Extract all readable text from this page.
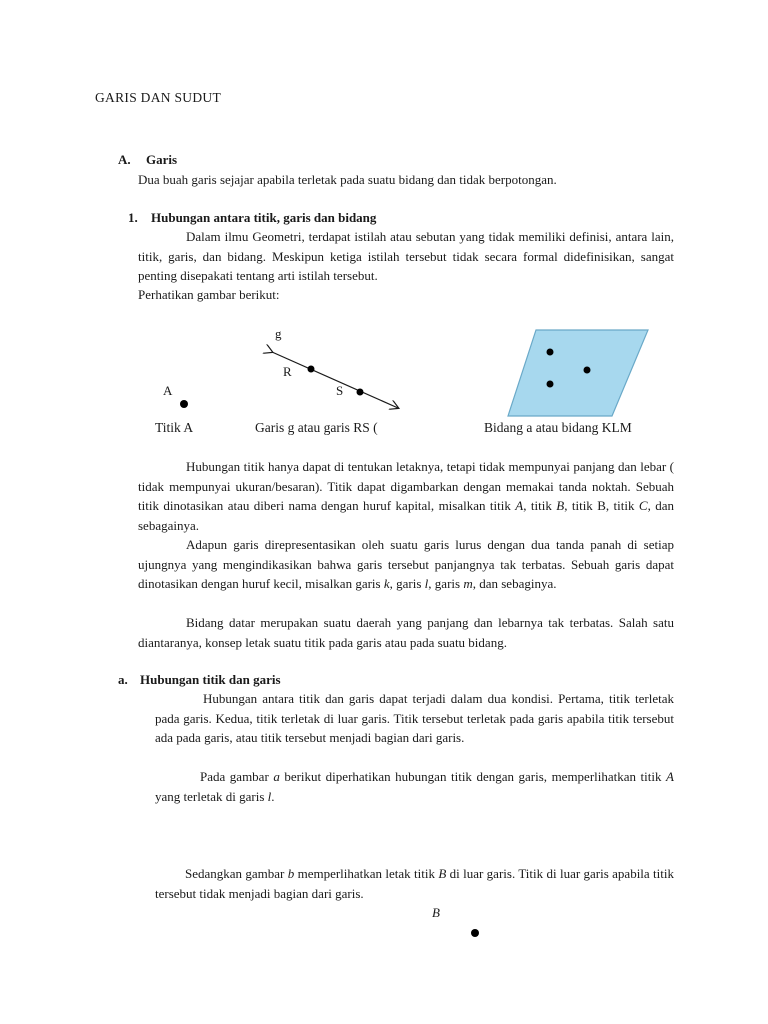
GARIS DAN SUDUT
A. Garis
Dua buah garis sejajar apabila terletak pada suatu bidang dan tidak berpotongan.
1. Hubungan antara titik, garis dan bidang

Dalam ilmu Geometri, terdapat istilah atau sebutan yang tidak memiliki definisi, antara lain, titik, garis, dan bidang. Meskipun ketiga istilah tersebut tidak secara formal didefinisikan, sangat penting disepakati tentang arti istilah tersebut.

Perhatikan gambar berikut:

A
g
R
S
Titik A	Garis g atau garis RS (	Bidang a atau bidang KLM

Hubungan titik hanya dapat di tentukan letaknya, tetapi tidak mempunyai panjang dan lebar ( tidak mempunyai ukuran/besaran). Titik dapat digambarkan dengan memakai tanda noktah. Sebuah titik dinotasikan atau diberi nama dengan huruf kapital, misalkan titik A, titik B, titik B, titik C, dan sebagainya.

Adapun garis direpresentasikan oleh suatu garis lurus dengan dua tanda panah di setiap ujungnya yang mengindikasikan bahwa garis tersebut panjangnya tak terbatas. Sebuah garis dapat dinotasikan dengan huruf kecil, misalkan garis k, garis l, garis m, dan sebaginya.

Bidang datar merupakan suatu daerah yang panjang dan lebarnya tak terbatas. Salah satu diantaranya, konsep letak suatu titik pada garis atau pada suatu bidang.

a. Hubungan titik dan garis

Hubungan antara titik dan garis dapat terjadi dalam dua kondisi. Pertama, titik terletak pada garis. Kedua, titik terletak di luar garis. Titik tersebut terletak pada garis apabila titik tersebut ada pada garis, atau titik tersebut menjadi bagian dari garis.

Pada gambar a berikut diperhatikan hubungan titik dengan garis, memperlihatkan titik A yang terletak di garis l.

Sedangkan gambar b memperlihatkan letak titik B di luar garis. Titik di luar garis apabila titik tersebut tidak menjadi bagian dari garis.

B
